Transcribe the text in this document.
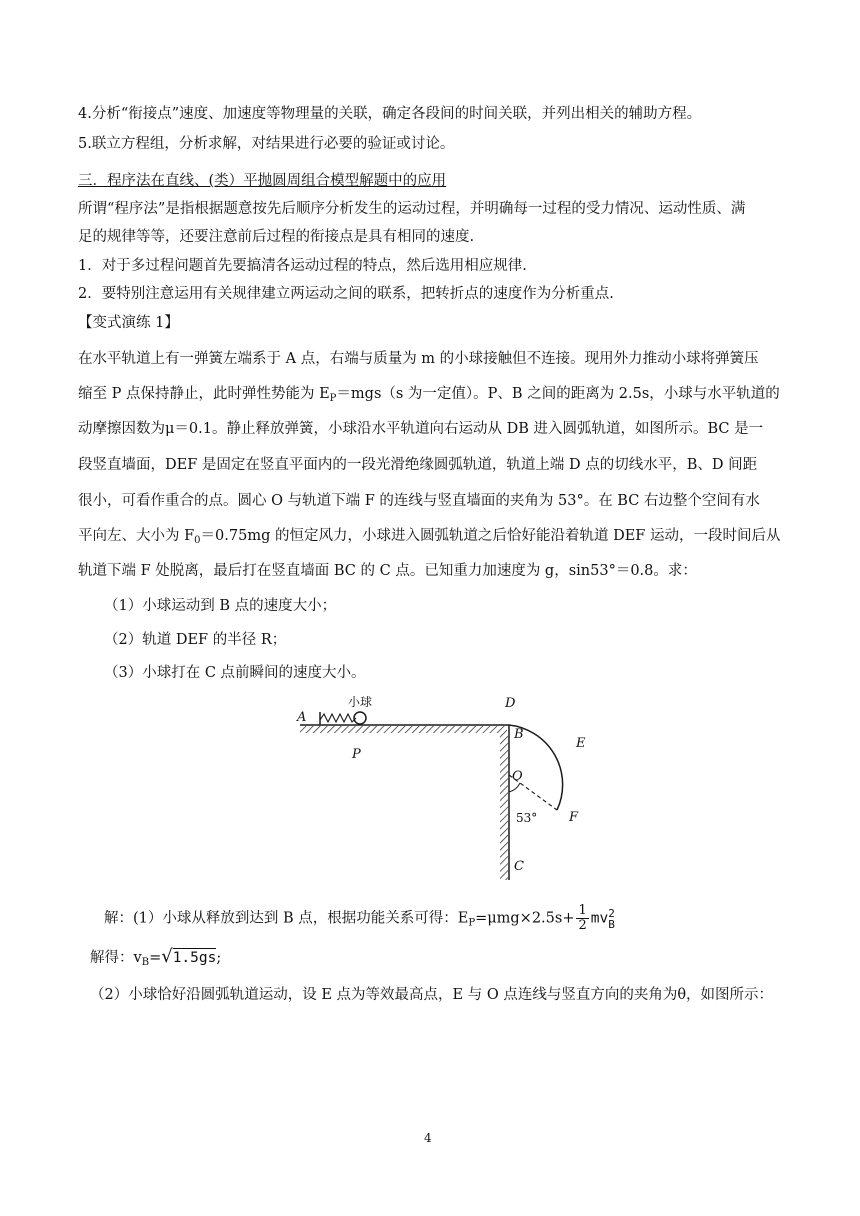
4.分析“衔接点”速度、加速度等物理量的关联，确定各段间的时间关联，并列出相关的辅助方程。
5.联立方程组，分析求解，对结果进行必要的验证或讨论。
三．程序法在直线、(类）平抛圆周组合模型解题中的应用
所谓“程序法”是指根据题意按先后顺序分析发生的运动过程，并明确每一过程的受力情况、运动性质、满
足的规律等等，还要注意前后过程的衔接点是具有相同的速度.
1．对于多过程问题首先要搞清各运动过程的特点，然后选用相应规律.
2．要特别注意运用有关规律建立两运动之间的联系，把转折点的速度作为分析重点.
【变式演练 1】
在水平轨道上有一弹簧左端系于 A 点，右端与质量为 m 的小球接触但不连接。现用外力推动小球将弹簧压
缩至 P 点保持静止，此时弹性势能为 $E_P=mgs(s$ 为一定值）。P、B 之间的距离为 2.5s，小球与水平轨道的
动摩擦因数为μ＝0.1。静止释放弹簧，小球沿水平轨道向右运动从 DB 进入圆弧轨道，如图所示。BC 是一
段竖直墙面，DEF 是固定在竖直平面内的一段光滑绝缘圆弧轨道，轨道上端 D 点的切线水平，B、D 间距
很小，可看作重合的点。圆心 O 与轨道下端 F 的连线与竖直墙面的夹角为 53°。在 BC 右边整个空间有水
平向左、大小为 $F_0=0.75mg$ 的恒定风力，小球进入圆弧轨道之后恰好能沿着轨道 DEF 运动，一段时间后从
轨道下端 F 处脱离，最后打在竖直墙面 BC 的 C 点。已知重力加速度为 g，sin53°＝0.8。求：
（1）小球运动到 B 点的速度大小；
（2）轨道 DEF 的半径 R；
（3）小球打在 C 点前瞬间的速度大小。
A
小球
P
B
D
E
O
F
C
53°
解：(1）小球从释放到达到 B 点，根据功能关系可得：$E_P=\mu mg\times 2.5s+ \frac{1}{2}$ mv 2
B
解得：$v_B=√1.5gs$;
（2）小球恰好沿圆弧轨道运动，设 E 点为等效最高点，E 与 O 点连线与竖直方向的夹角为θ，如图所示：
4
